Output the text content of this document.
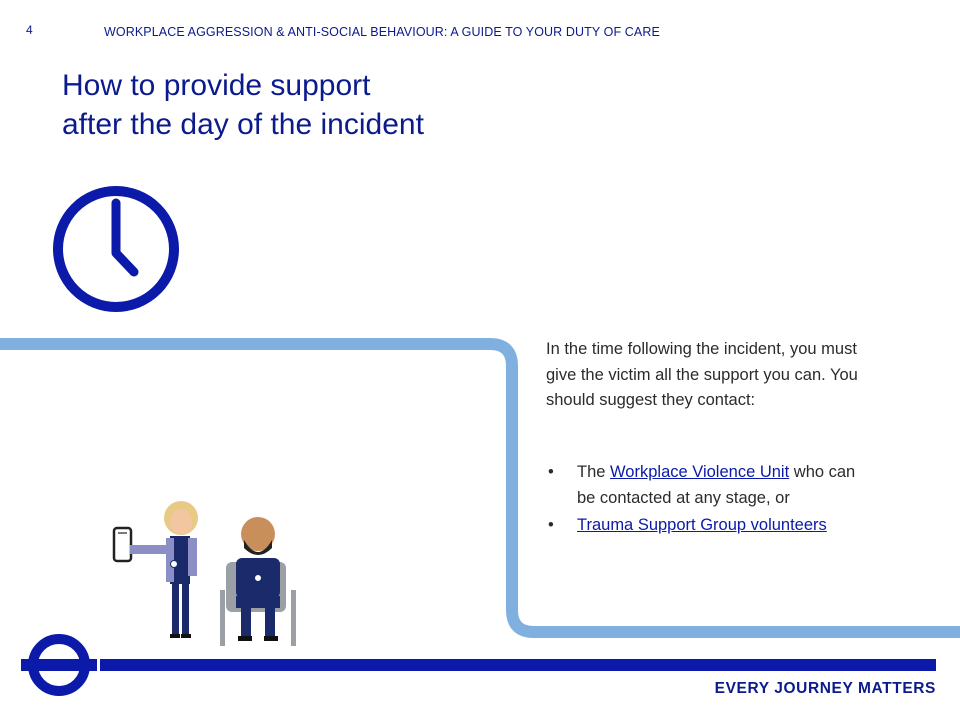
4	WORKPLACE AGGRESSION & ANTI-SOCIAL BEHAVIOUR: A GUIDE TO YOUR DUTY OF CARE
How to provide support
after the day of the incident

In the time following the incident, you must give the victim all the support you can. You should suggest they contact:

• The Workplace Violence Unit who can be contacted at any stage, or
• Trauma Support Group volunteers
EVERY JOURNEY MATTERS
